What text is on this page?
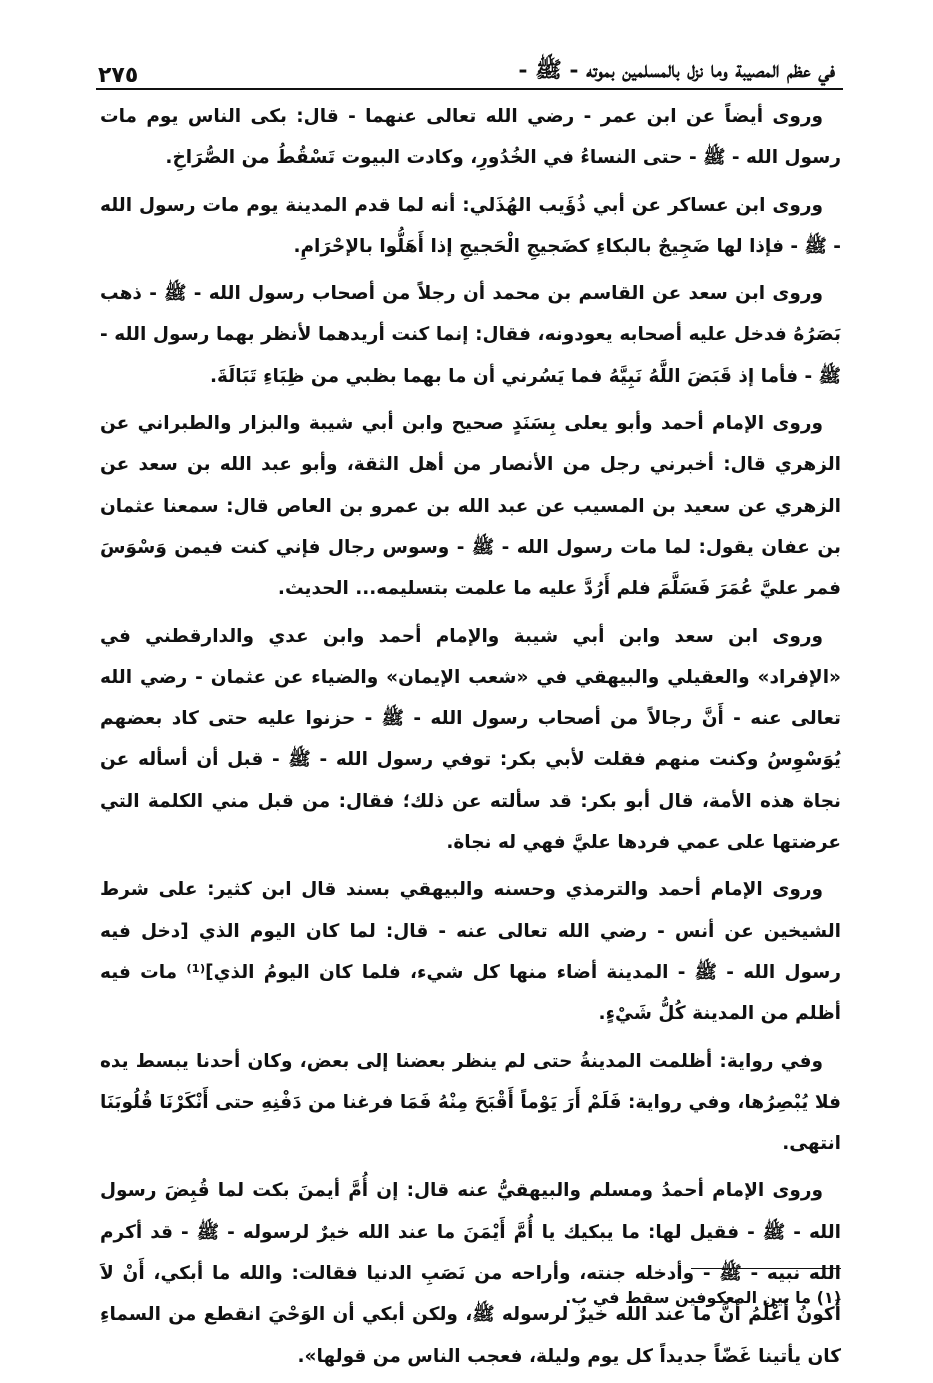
في عظم المصيبة وما نزل بالمسلمين بموته - ﷺ -
٢٧٥

وروى أيضاً عن ابن عمر - رضي الله تعالى عنهما - قال: بكى الناس يوم مات رسول الله - ﷺ - حتى النساءُ في الخُدُورِ، وكادت البيوت تَسْقُطُ من الصُّرَاخِ.

وروى ابن عساكر عن أبي ذُؤَيب الهُذَلي: أنه لما قدم المدينة يوم مات رسول الله - ﷺ - فإذا لها ضَجِيجٌ بالبكاءِ كضَجيجِ الْحَجيجِ إذا أَهَلُّوا بالإحْرَامِ.

وروى ابن سعد عن القاسم بن محمد أن رجلاً من أصحاب رسول الله - ﷺ - ذهب بَصَرُهُ فدخل عليه أصحابه يعودونه، فقال: إنما كنت أريدهما لأنظر بهما رسول الله - ﷺ - فأما إذ قَبَضَ اللَّهُ نَبِيَّهُ فما يَسُرني أن ما بهما بظبي من ظِبَاءِ تَبَالَةَ.

وروى الإمام أحمد وأبو يعلى بِسَنَدٍ صحيح وابن أبي شيبة والبزار والطبراني عن الزهري قال: أخبرني رجل من الأنصار من أهل الثقة، وأبو عبد الله بن سعد عن الزهري عن سعيد بن المسيب عن عبد الله بن عمرو بن العاص قال: سمعنا عثمان بن عفان يقول: لما مات رسول الله - ﷺ - وسوس رجال فإني كنت فيمن وَسْوَسَ فمر عليَّ عُمَرَ فَسَلَّمَ فلم أَرُدَّ عليه ما علمت بتسليمه... الحديث.

وروى ابن سعد وابن أبي شيبة والإمام أحمد وابن عدي والدارقطني في «الإفراد» والعقيلي والبيهقي في «شعب الإيمان» والضياء عن عثمان - رضي الله تعالى عنه - أَنَّ رجالاً من أصحاب رسول الله - ﷺ - حزنوا عليه حتى كاد بعضهم يُوَسْوِسُ وكنت منهم فقلت لأبي بكر: توفي رسول الله - ﷺ - قبل أن أسأله عن نجاة هذه الأمة، قال أبو بكر: قد سألته عن ذلك؛ فقال: من قبل مني الكلمة التي عرضتها على عمي فردها عليَّ فهي له نجاة.

وروى الإمام أحمد والترمذي وحسنه والبيهقي بسند قال ابن كثير: على شرط الشيخين عن أنس - رضي الله تعالى عنه - قال: لما كان اليوم الذي [دخل فيه رسول الله - ﷺ - المدينة أضاء منها كل شيء، فلما كان اليومُ الذي]⁽¹⁾ مات فيه أظلم من المدينة كُلُّ شَيْءٍ.

وفي رواية: أظلمت المدينةُ حتى لم ينظر بعضنا إلى بعض، وكان أحدنا يبسط يده فلا يُبْصِرُها، وفي رواية: فَلَمْ أَرَ يَوْماً أَقْبَحَ مِنْهُ فَمَا فرغنا من دَفْنِهِ حتى أَنْكَرْنَا قُلُوبَنَا انتهى.

وروى الإمام أحمدُ ومسلم والبيهقيُّ عنه قال: إن أُمَّ أيمنَ بكت لما قُبِضَ رسول الله - ﷺ - فقيل لها: ما يبكيك يا أُمَّ أَيْمَنَ ما عند الله خيرٌ لرسوله - ﷺ - قد أكرم الله نبيه - ﷺ - وأدخله جنته، وأراحه من نَصَبِ الدنيا فقالت: والله ما أبكي، أَنْ لاَ أَكونُ أَعْلَمُ أَنَّ ما عند الله خيرٌ لرسوله ﷺ، ولكن أبكي أن الوَحْيَ انقطع من السماءِ كان يأتينا غَضّاً جديداً كل يوم وليلة، فعجب الناس من قولها».

(١) ما بين المعكوفين سقط في ب.
